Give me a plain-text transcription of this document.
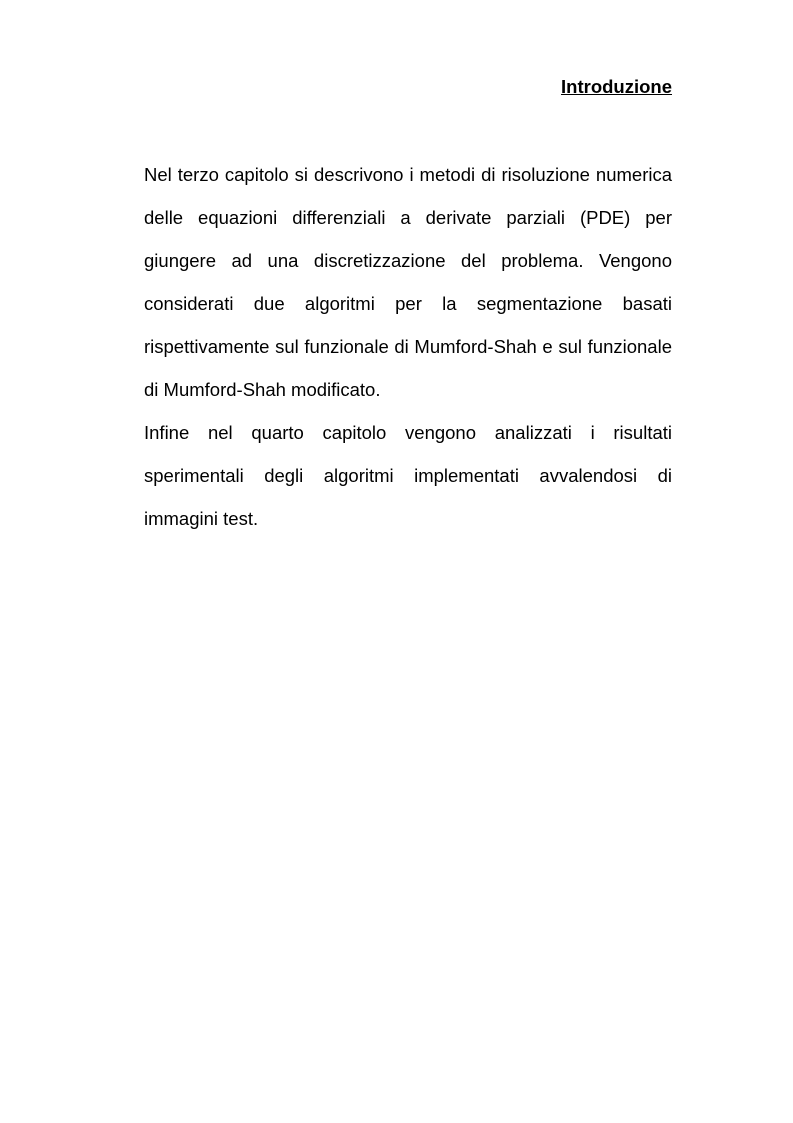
Introduzione

Nel terzo capitolo si descrivono i metodi di risoluzione numerica delle equazioni differenziali a derivate parziali (PDE) per giungere ad una discretizzazione del problema. Vengono considerati due algoritmi per la segmentazione basati rispettivamente sul funzionale di Mumford-Shah e sul funzionale di Mumford-Shah modificato.

Infine nel quarto capitolo vengono analizzati i risultati sperimentali degli algoritmi implementati avvalendosi di immagini test.
